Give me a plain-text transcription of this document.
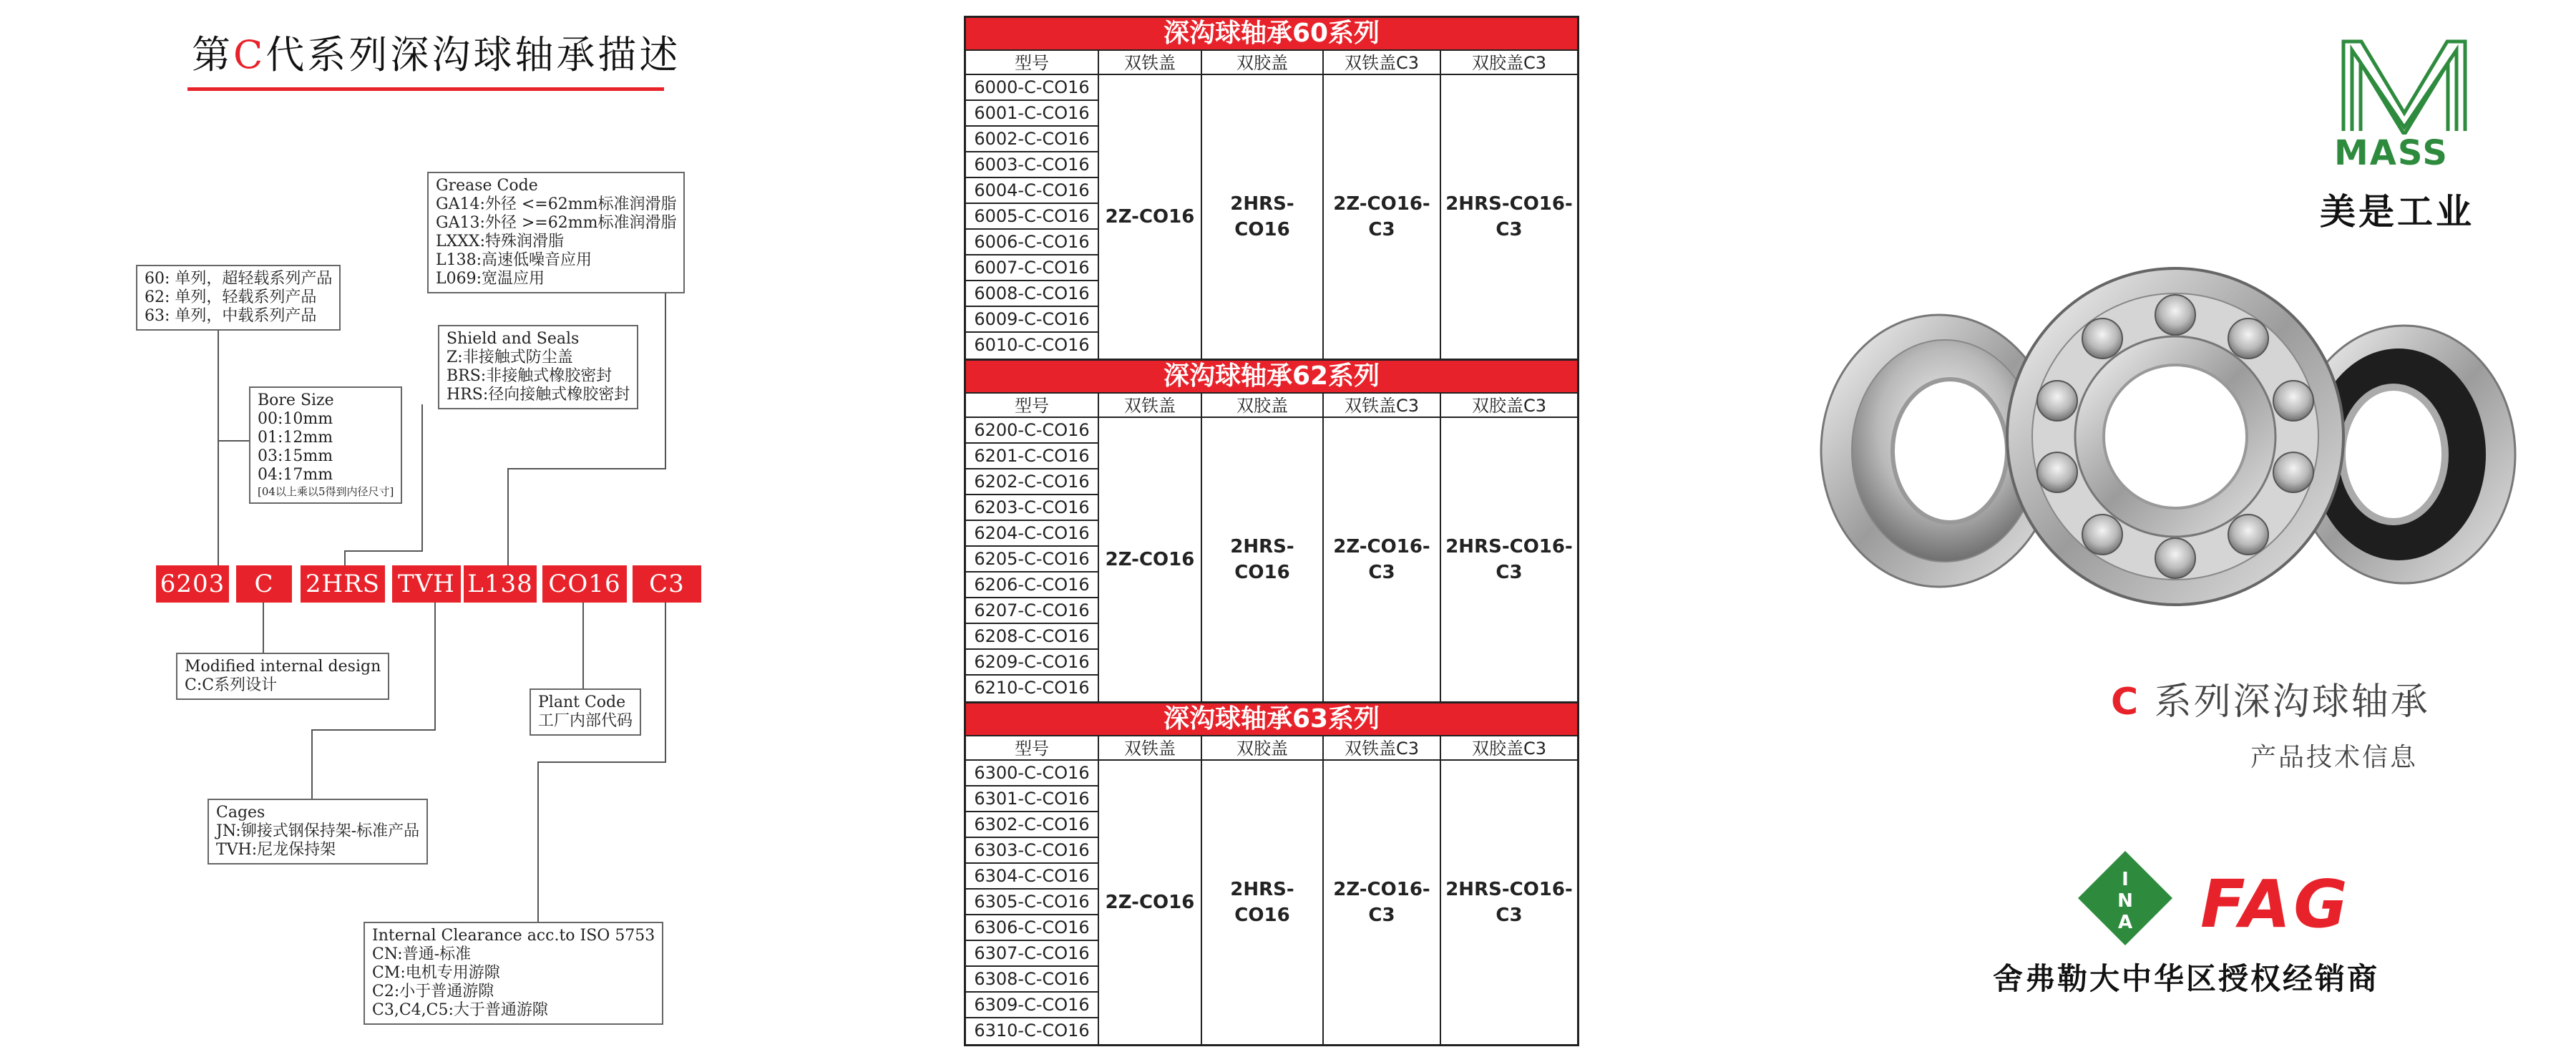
第C代系列深沟球轴承描述
60: 单列，超轻载系列产品
62: 单列，轻载系列产品
63: 单列，中载系列产品
Bore Size
00:10mm
01:12mm
03:15mm
04:17mm
[04以上乘以5得到内径尺寸]
Grease Code
GA14:外径 <=62mm标准润滑脂
GA13:外径 >=62mm标准润滑脂
LXXX:特殊润滑脂
L138:高速低噪音应用
L069:宽温应用
Shield and Seals
Z:非接触式防尘盖
BRS:非接触式橡胶密封
HRS:径向接触式橡胶密封
6203	C	2HRS TVH L138 CO16	C3
Modified internal design
C:C系列设计
Plant Code
工厂内部代码
Cages
JN:铆接式钢保持架-标准产品
TVH:尼龙保持架
Internal Clearance acc.to ISO 5753
CN:普通-标准
CM:电机专用游隙
C2:小于普通游隙
C3,C4,C5:大于普通游隙
深沟球轴承60系列
型号	双铁盖	双胶盖	双铁盖C3	双胶盖C3
6000-C-CO16
6001-C-CO16
6002-C-CO16
6003-C-CO16
6004-C-CO16
6005-C-CO16
6006-C-CO16
6007-C-CO16
6008-C-CO16
6009-C-CO16
6010-C-CO16
2Z-CO16
2HRS-
CO16
2Z-CO16-
C3
2HRS-CO16-
C3
深沟球轴承62系列
型号	双铁盖	双胶盖	双铁盖C3	双胶盖C3
6200-C-CO16
6201-C-CO16
6202-C-CO16
6203-C-CO16
6204-C-CO16
6205-C-CO16
6206-C-CO16
6207-C-CO16
6208-C-CO16
6209-C-CO16
6210-C-CO16
2Z-CO16
2HRS-
CO16
2Z-CO16-
C3
2HRS-CO16-
C3
深沟球轴承63系列
型号	双铁盖	双胶盖	双铁盖C3	双胶盖C3
6300-C-CO16
6301-C-CO16
6302-C-CO16
6303-C-CO16
6304-C-CO16
6305-C-CO16
6306-C-CO16
6307-C-CO16
6308-C-CO16
6309-C-CO16
6310-C-CO16
2Z-CO16
2HRS-
CO16
2Z-CO16-
C3
2HRS-CO16-
C3
MASS
美是工业
C 系列深沟球轴承
产品技术信息
I
N
A FAG
舍弗勒大中华区授权经销商
